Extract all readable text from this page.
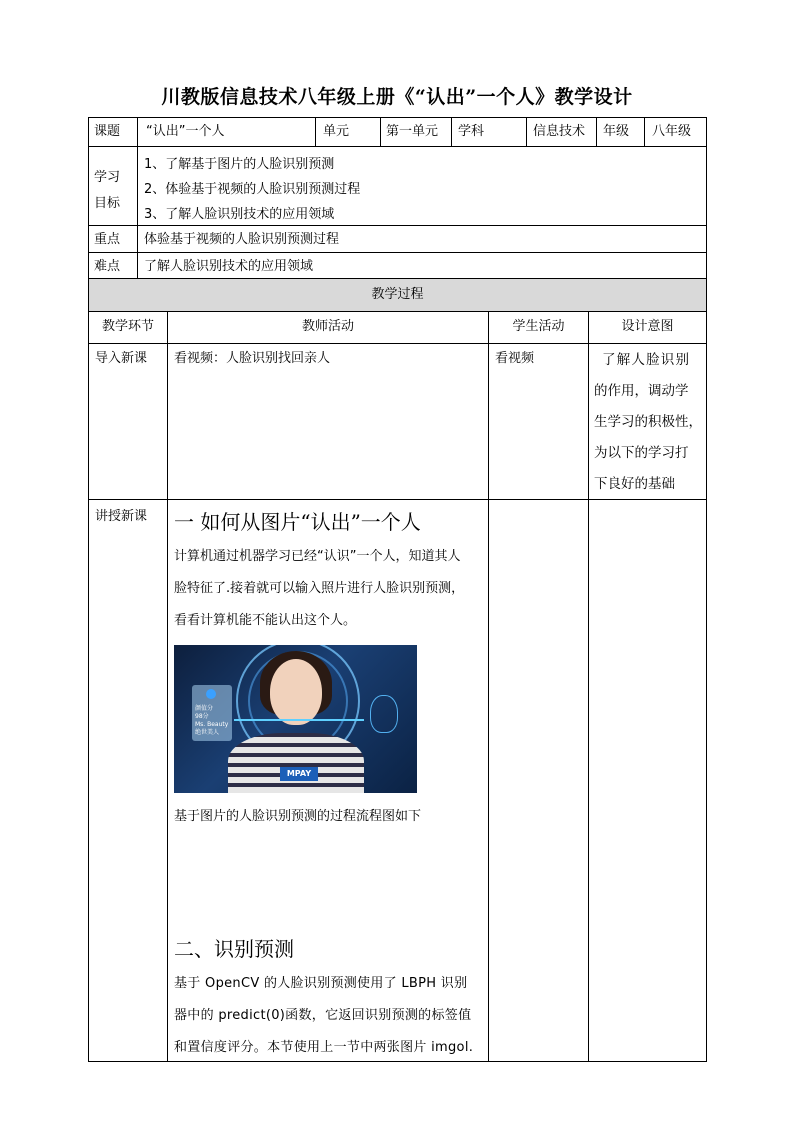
川教版信息技术八年级上册《“认出”一个人》教学设计
课题 “认出”一个人	单元	第一单元 学科	信息技术 年级 八年级
学习
目标
1、了解基于图片的人脸识别预测
2、体验基于视频的人脸识别预测过程
3、了解人脸识别技术的应用领域
重点 体验基于视频的人脸识别预测过程
难点 了解人脸识别技术的应用领域
教学过程
教学环节	教师活动	学生活动	设计意图
导入新课 看视频：人脸识别找回亲人	看视频	了解人脸识别
的作用，调动学
生学习的积极性，
为以下的学习打
下良好的基础
讲授新课 一 如何从图片“认出”一个人
计算机通过机器学习已经“认识”一个人，知道其人
脸特征了.接着就可以输入照片进行人脸识别预测，
看看计算机能不能认出这个人。
颜值分
98分
Ms. Beauty
绝世美人
MPAY
基于图片的人脸识别预测的过程流程图如下
二、识别预测
基于 OpenCV 的人脸识别预测使用了 LBPH 识别
器中的 predict(0)函数，它返回识别预测的标签值
和置信度评分。本节使用上一节中两张图片 imgol.
